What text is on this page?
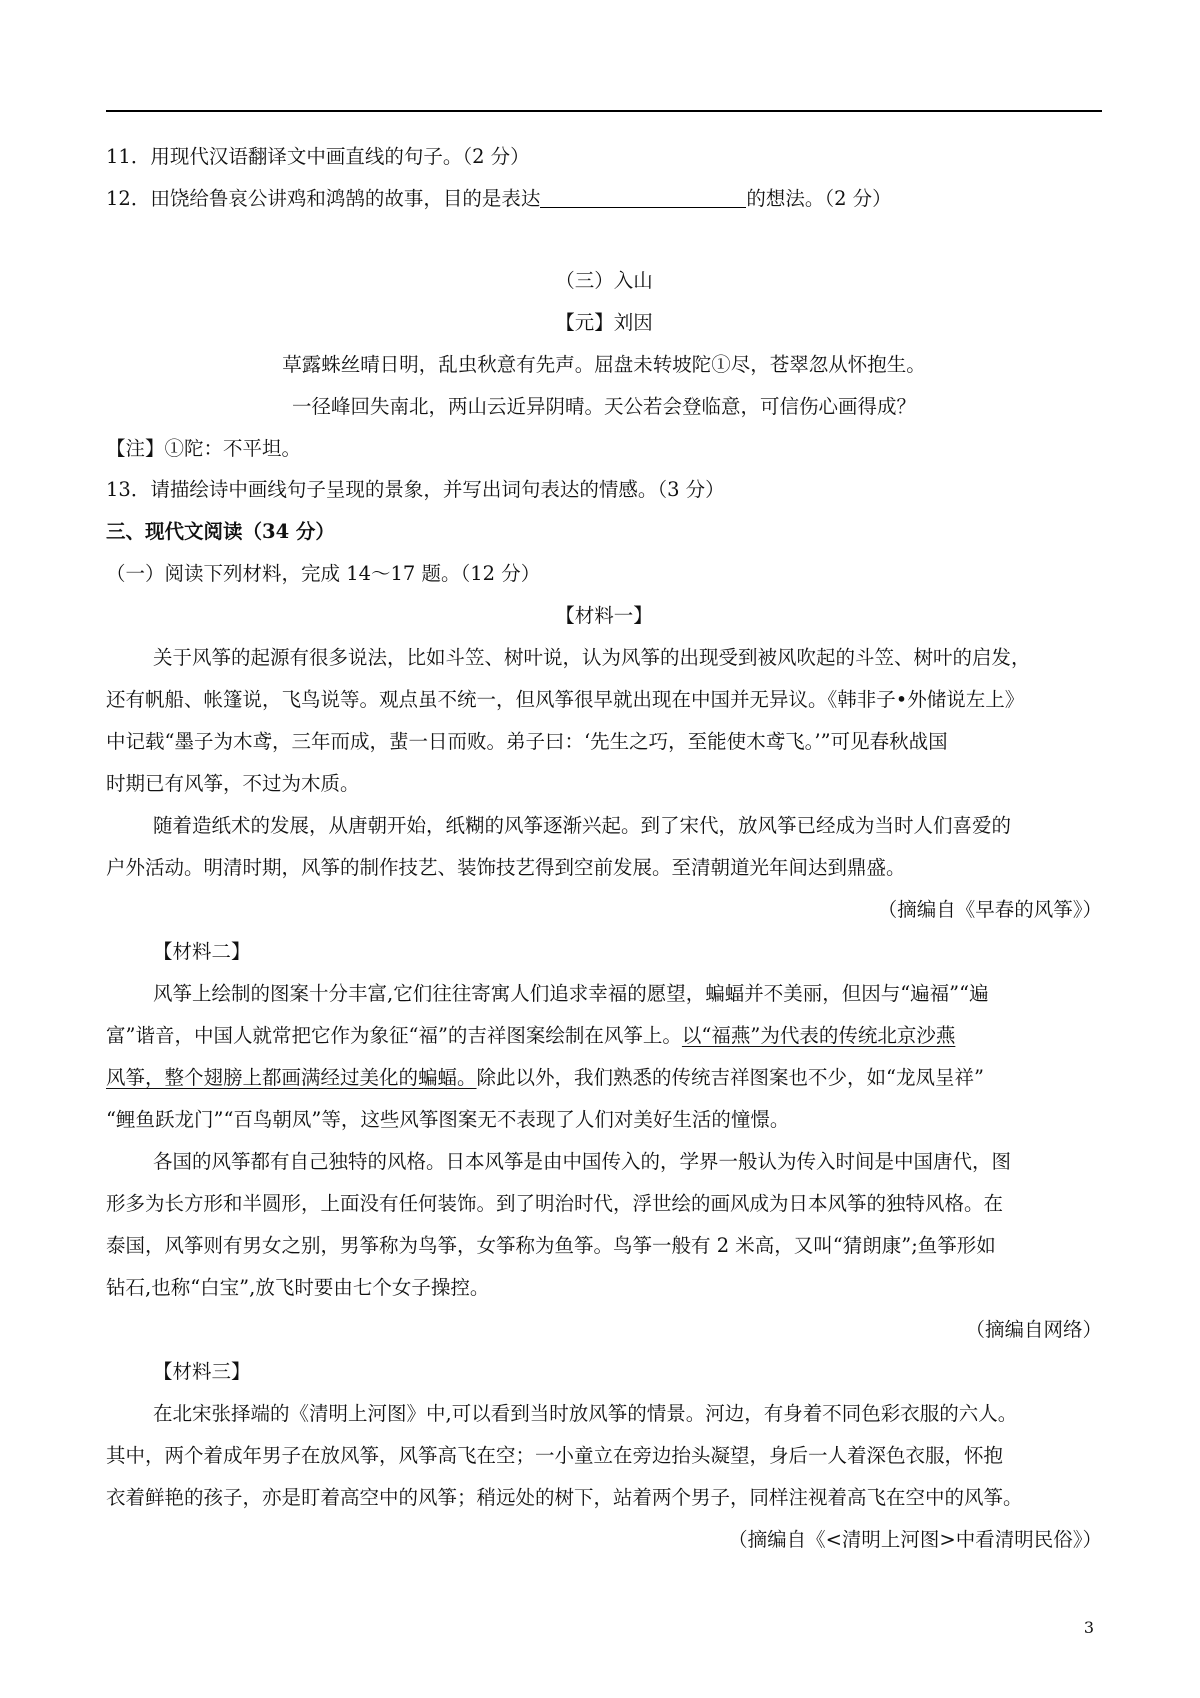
11．用现代汉语翻译文中画直线的句子。（2 分）
12．田饶给鲁哀公讲鸡和鸿鹄的故事，目的是表达	的想法。（2 分）
（三）入山
【元】刘因
草露蛛丝晴日明，乱虫秋意有先声。屈盘未转坡陀①尽，苍翠忽从怀抱生。
一径峰回失南北，两山云近异阴晴。天公若会登临意，可信伤心画得成？
【注】①陀：不平坦。
13．请描绘诗中画线句子呈现的景象，并写出词句表达的情感。（3 分）
三、现代文阅读（34 分）
（一）阅读下列材料，完成 14～17 题。（12 分）
【材料一】
关于风筝的起源有很多说法，比如斗笠、树叶说，认为风筝的出现受到被风吹起的斗笠、树叶的启发，
还有帆船、帐篷说，飞鸟说等。观点虽不统一，但风筝很早就出现在中国并无异议。《韩非子•外储说左上》
中记载“墨子为木鸢，三年而成，蜚一日而败。弟子曰：‘先生之巧，至能使木鸢飞。’”可见春秋战国
时期已有风筝，不过为木质。
随着造纸术的发展，从唐朝开始，纸糊的风筝逐渐兴起。到了宋代，放风筝已经成为当时人们喜爱的
户外活动。明清时期，风筝的制作技艺、装饰技艺得到空前发展。至清朝道光年间达到鼎盛。
（摘编自《早春的风筝》）
【材料二】
风筝上绘制的图案十分丰富,它们往往寄寓人们追求幸福的愿望，蝙蝠并不美丽，但因与“遍福”“遍
富”谐音，中国人就常把它作为象征“福”的吉祥图案绘制在风筝上。以“福燕”为代表的传统北京沙燕
风筝，整个翅膀上都画满经过美化的蝙蝠。除此以外，我们熟悉的传统吉祥图案也不少，如“龙凤呈祥”
“鲤鱼跃龙门”“百鸟朝凤”等，这些风筝图案无不表现了人们对美好生活的憧憬。
各国的风筝都有自己独特的风格。日本风筝是由中国传入的，学界一般认为传入时间是中国唐代，图
形多为长方形和半圆形，上面没有任何装饰。到了明治时代，浮世绘的画风成为日本风筝的独特风格。在
泰国，风筝则有男女之别，男筝称为鸟筝，女筝称为鱼筝。鸟筝一般有 2 米高，又叫“猜朗康”;鱼筝形如
钻石,也称“白宝”,放飞时要由七个女子操控。
（摘编自网络）
【材料三】
在北宋张择端的《清明上河图》中,可以看到当时放风筝的情景。河边，有身着不同色彩衣服的六人。
其中，两个着成年男子在放风筝，风筝高飞在空；一小童立在旁边抬头凝望，身后一人着深色衣服，怀抱
衣着鲜艳的孩子，亦是盯着高空中的风筝；稍远处的树下，站着两个男子，同样注视着高飞在空中的风筝。
（摘编自《<清明上河图>中看清明民俗》）
3
